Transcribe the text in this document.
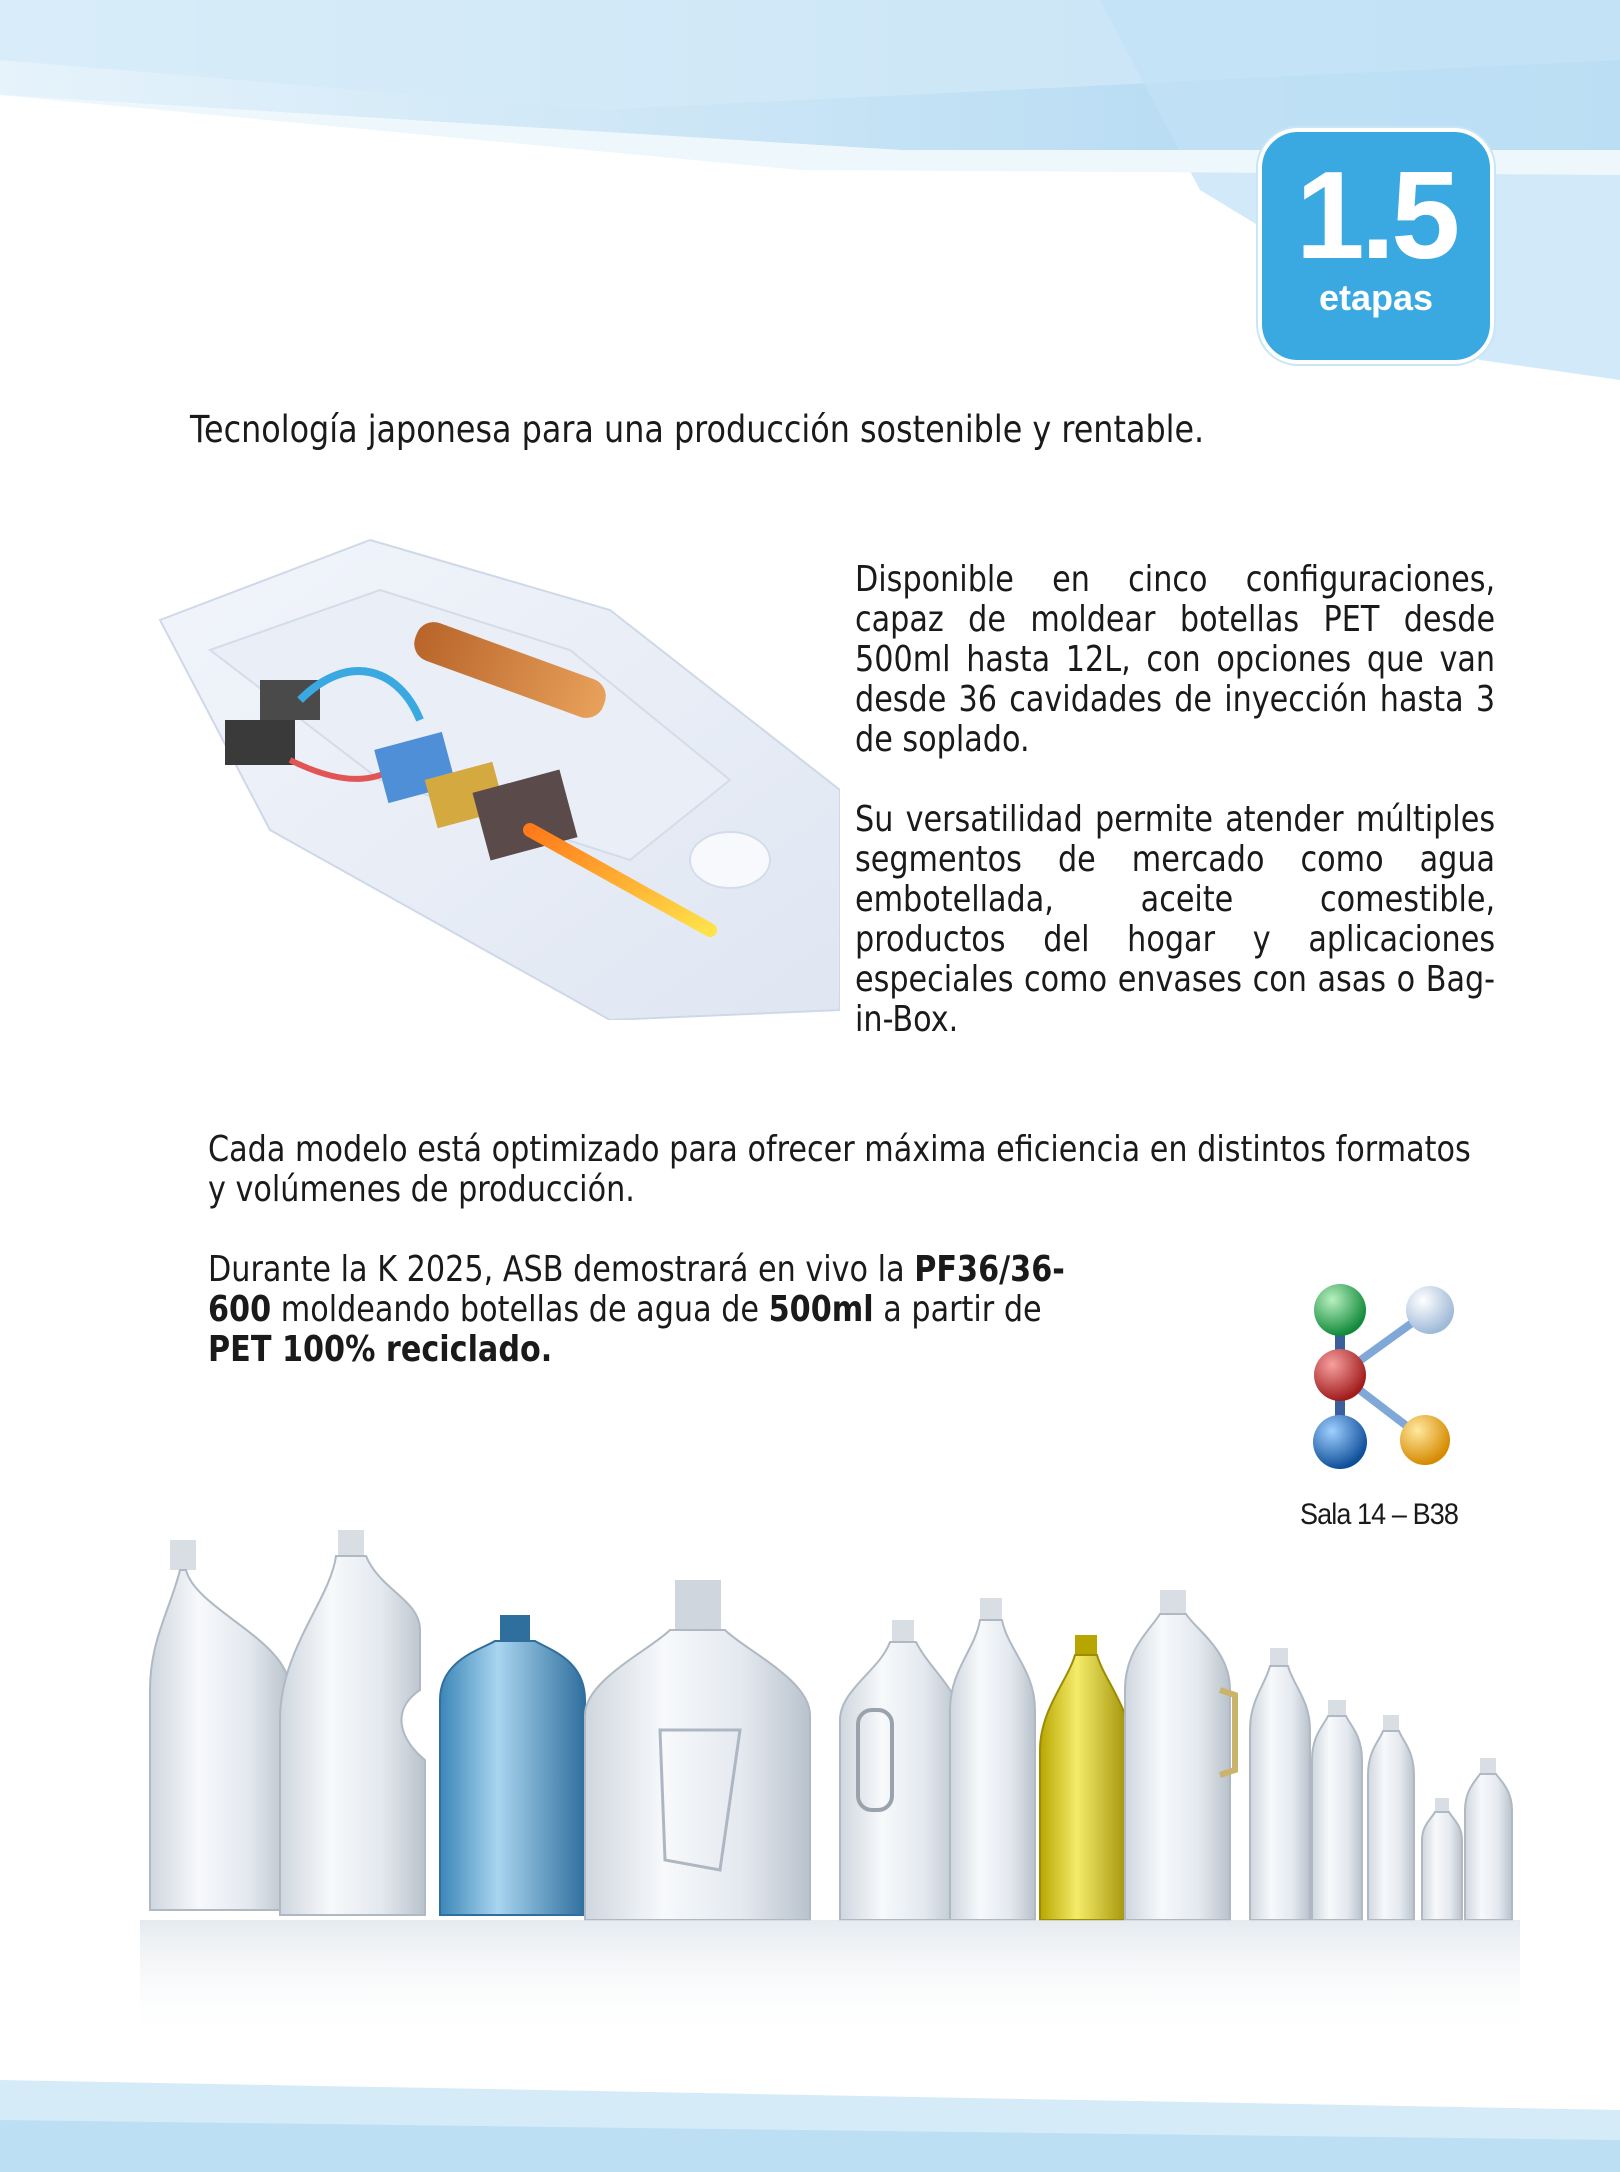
1.5
etapas
Tecnología japonesa para una producción sostenible y rentable.
Disponible en cinco configuraciones, capaz de moldear botellas PET desde 500ml hasta 12L, con opciones que van desde 36 cavidades de inyección hasta 3 de soplado.
Su versatilidad permite atender múltiples segmentos de mercado como agua embotellada, aceite comestible, productos del hogar y aplicaciones especiales como envases con asas o Bag-in-Box.
Cada modelo está optimizado para ofrecer máxima eficiencia en distintos formatos y volúmenes de producción.
Durante la K 2025, ASB demostrará en vivo la PF36/36-600 moldeando botellas de agua de 500ml a partir de PET 100% reciclado.
Sala 14 – B38
